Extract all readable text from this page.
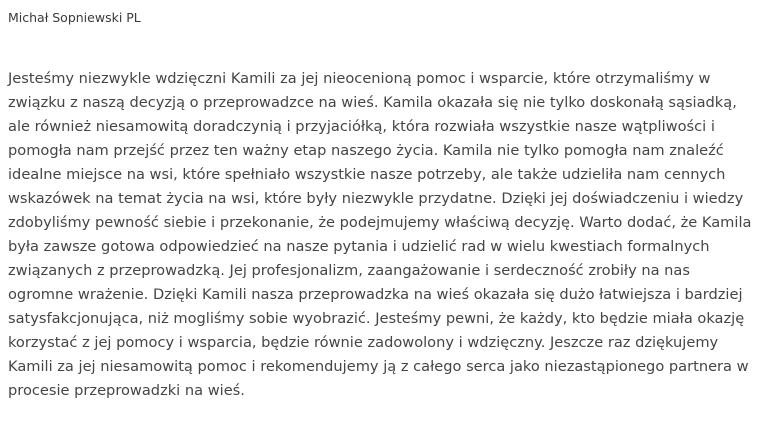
Michał Sopniewski PL

Jesteśmy niezwykle wdzięczni Kamili za jej nieocenioną pomoc i wsparcie, które otrzymaliśmy w związku z naszą decyzją o przeprowadzce na wieś. Kamila okazała się nie tylko doskonałą sąsiadką, ale również niesamowitą doradczynią i przyjaciółką, która rozwiała wszystkie nasze wątpliwości i pomogła nam przejść przez ten ważny etap naszego życia. Kamila nie tylko pomogła nam znaleźć idealne miejsce na wsi, które spełniało wszystkie nasze potrzeby, ale także udzieliła nam cennych wskazówek na temat życia na wsi, które były niezwykle przydatne. Dzięki jej doświadczeniu i wiedzy zdobyliśmy pewność siebie i przekonanie, że podejmujemy właściwą decyzję. Warto dodać, że Kamila była zawsze gotowa odpowiedzieć na nasze pytania i udzielić rad w wielu kwestiach formalnych związanych z przeprowadzką. Jej profesjonalizm, zaangażowanie i serdeczność zrobiły na nas ogromne wrażenie. Dzięki Kamili nasza przeprowadzka na wieś okazała się dużo łatwiejsza i bardziej satysfakcjonująca, niż mogliśmy sobie wyobrazić. Jesteśmy pewni, że każdy, kto będzie miała okazję korzystać z jej pomocy i wsparcia, będzie równie zadowolony i wdzięczny. Jeszcze raz dziękujemy Kamili za jej niesamowitą pomoc i rekomendujemy ją z całego serca jako niezastąpionego partnera w procesie przeprowadzki na wieś.
